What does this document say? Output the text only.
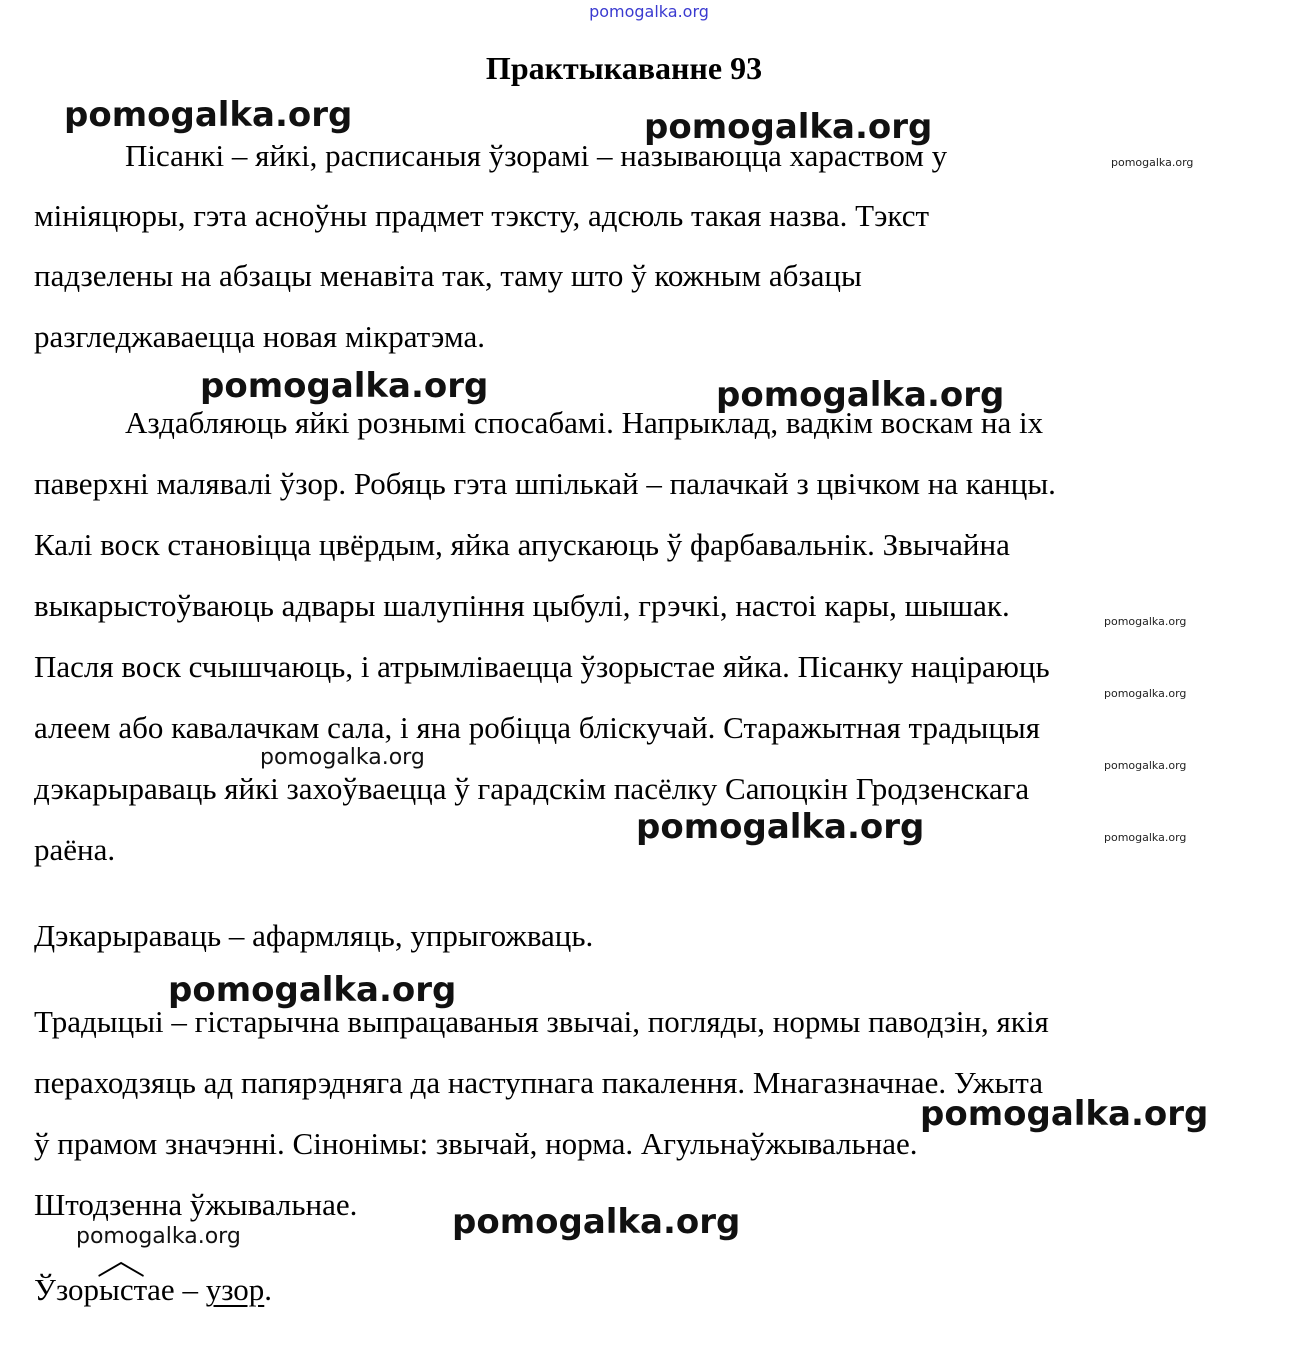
pomogalka.org
Практыкаванне 93
Пісанкі – яйкі, расписаныя ўзорамі – называюцца хараством у
мініяцюры, гэта асноўны прадмет тэксту, адсюль такая назва. Тэкст
падзелены на абзацы менавіта так, таму што ў кожным абзацы
разгледжаваецца новая мікратэма.
Аздабляюць яйкі рознымі спосабамі. Напрыклад, вадкім воскам на іх
паверхні малявалі ўзор. Робяць гэта шпількай – палачкай з цвічком на канцы.
Калі воск становіцца цвёрдым, яйка апускаюць ў фарбавальнік. Звычайна
выкарыстоўваюць адвары шалупіння цыбулі, грэчкі, настоі кары, шышак.
Пасля воск счышчаюць, і атрымліваецца ўзорыстае яйка. Пісанку націраюць
алеем або кавалачкам сала, і яна робіцца бліскучай. Старажытная традыцыя
дэкарыраваць яйкі захоўваецца ў гарадскім пасёлку Сапоцкін Гродзенскага
раёна.
Дэкарыраваць – афармляць, упрыгожваць.
Традыцыі – гістарычна выпрацаваныя звычаі, погляды, нормы паводзін, якія
пераходзяць ад папярэдняга да наступнага пакалення. Мнагазначнае. Ужыта
ў прамом значэнні. Сінонімы: звычай, норма. Агульнаўжывальнае.
Штодзенна ўжывальнае.
Ўзор
ыстае – узор.
pomogalka.org	pomogalka.org
pomogalka.org	pomogalka.org
pomogalka.org
pomogalka.org
pomogalka.org
pomogalka.org
pomogalka.org
pomogalka.org
pomogalka.org
pomogalka.org
pomogalka.org
pomogalka.org
pomogalka.org
